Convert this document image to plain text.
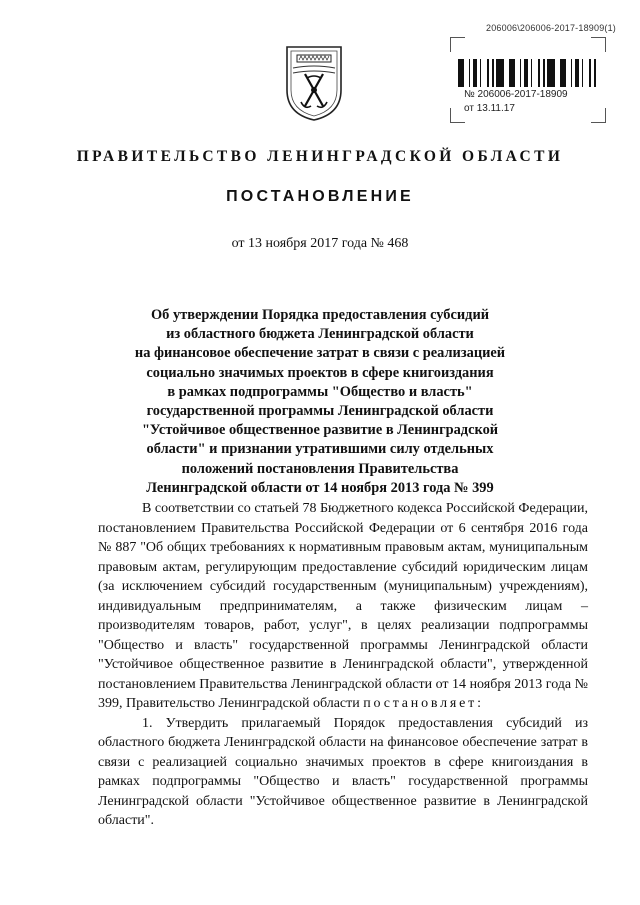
206006\206006-2017-18909(1)
№ 206006-2017-18909
от 13.11.17
ПРАВИТЕЛЬСТВО ЛЕНИНГРАДСКОЙ ОБЛАСТИ
ПОСТАНОВЛЕНИЕ
от 13 ноября 2017 года № 468
Об утверждении Порядка предоставления субсидий
из областного бюджета Ленинградской области
на финансовое обеспечение затрат в связи с реализацией
социально значимых проектов в сфере книгоиздания
в рамках подпрограммы "Общество и власть"
государственной программы Ленинградской области
"Устойчивое общественное развитие в Ленинградской
области" и признании утратившими силу отдельных
положений постановления Правительства
Ленинградской области от 14 ноября 2013 года № 399

В соответствии со статьей 78 Бюджетного кодекса Российской Федерации, постановлением Правительства Российской Федерации от 6 сентября 2016 года № 887 "Об общих требованиях к нормативным правовым актам, муниципальным правовым актам, регулирующим предоставление субсидий юридическим лицам (за исключением субсидий государственным (муниципальным) учреждениям), индивидуальным предпринимателям, а также физическим лицам – производителям товаров, работ, услуг", в целях реализации подпрограммы "Общество и власть" государственной программы Ленинградской области "Устойчивое общественное развитие в Ленинградской области", утвержденной постановлением Правительства Ленинградской области от 14 ноября 2013 года № 399, Правительство Ленинградской области постановляет:

1. Утвердить прилагаемый Порядок предоставления субсидий из областного бюджета Ленинградской области на финансовое обеспечение затрат в связи с реализацией социально значимых проектов в сфере книгоиздания в рамках подпрограммы "Общество и власть" государственной программы Ленинградской области "Устойчивое общественное развитие в Ленинградской области".
